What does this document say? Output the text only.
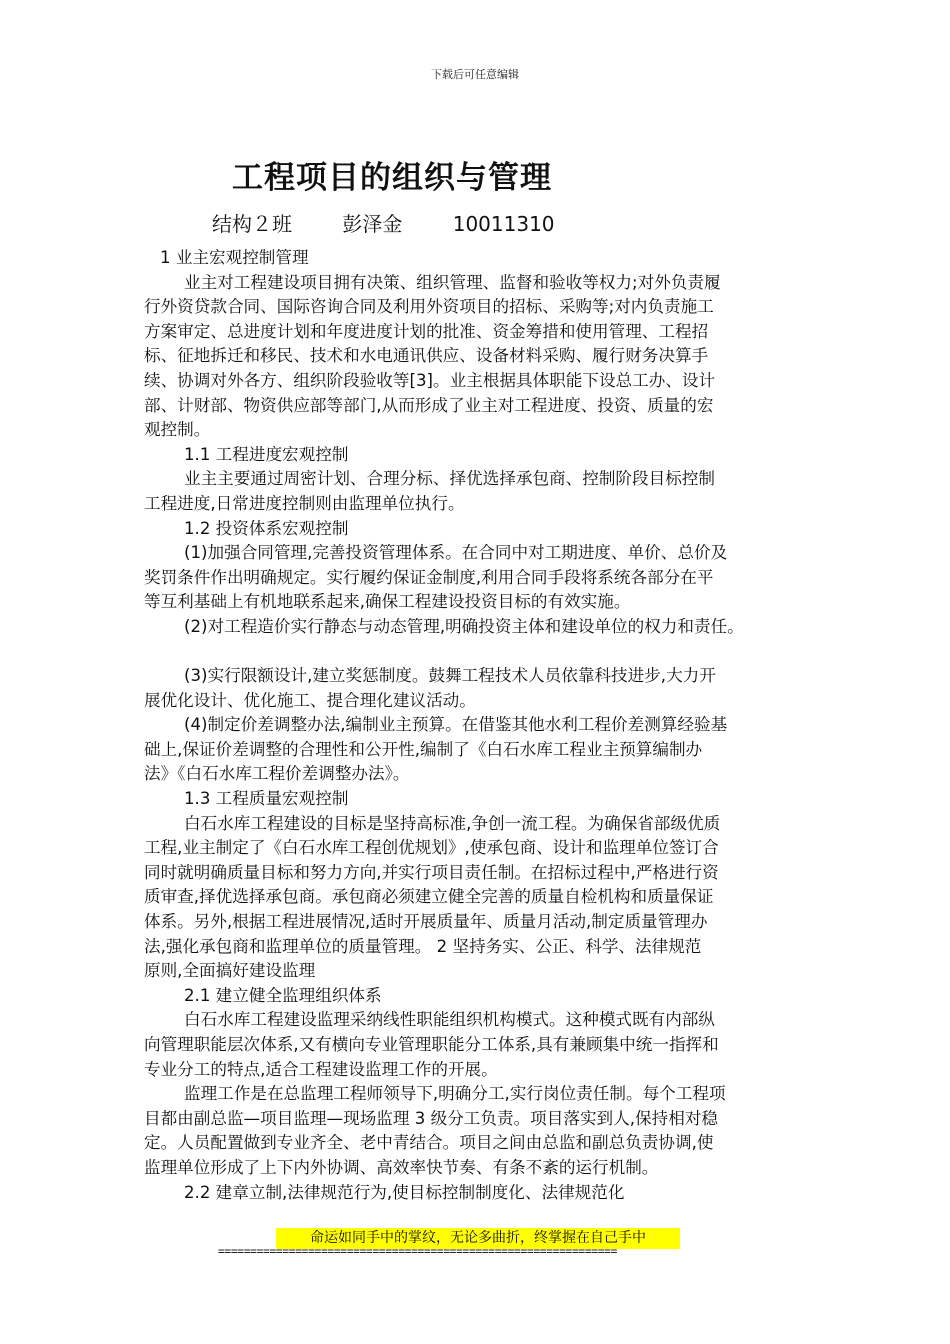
下载后可任意编辑
工程项目的组织与管理
结构２班	彭泽金	10011310

1 业主宏观控制管理

业主对工程建设项目拥有决策、组织管理、监督和验收等权力;对外负责履

行外资贷款合同、国际咨询合同及利用外资项目的招标、采购等;对内负责施工

方案审定、总进度计划和年度进度计划的批准、资金筹措和使用管理、工程招

标、征地拆迁和移民、技术和水电通讯供应、设备材料采购、履行财务决算手

续、协调对外各方、组织阶段验收等[3]。业主根据具体职能下设总工办、设计

部、计财部、物资供应部等部门,从而形成了业主对工程进度、投资、质量的宏

观控制。

1.1 工程进度宏观控制

业主主要通过周密计划、合理分标、择优选择承包商、控制阶段目标控制

工程进度,日常进度控制则由监理单位执行。

1.2 投资体系宏观控制

(1)加强合同管理,完善投资管理体系。在合同中对工期进度、单价、总价及

奖罚条件作出明确规定。实行履约保证金制度,利用合同手段将系统各部分在平

等互利基础上有机地联系起来,确保工程建设投资目标的有效实施。

(2)对工程造价实行静态与动态管理,明确投资主体和建设单位的权力和责任。

(3)实行限额设计,建立奖惩制度。鼓舞工程技术人员依靠科技进步,大力开

展优化设计、优化施工、提合理化建议活动。

(4)制定价差调整办法,编制业主预算。在借鉴其他水利工程价差测算经验基

础上,保证价差调整的合理性和公开性,编制了《白石水库工程业主预算编制办

法》《白石水库工程价差调整办法》。

1.3 工程质量宏观控制

白石水库工程建设的目标是坚持高标准,争创一流工程。为确保省部级优质

工程,业主制定了《白石水库工程创优规划》,使承包商、设计和监理单位签订合

同时就明确质量目标和努力方向,并实行项目责任制。在招标过程中,严格进行资

质审查,择优选择承包商。承包商必须建立健全完善的质量自检机构和质量保证

体系。另外,根据工程进展情况,适时开展质量年、质量月活动,制定质量管理办

法,强化承包商和监理单位的质量管理。 2 坚持务实、公正、科学、法律规范

原则,全面搞好建设监理

2.1 建立健全监理组织体系

白石水库工程建设监理采纳线性职能组织机构模式。这种模式既有内部纵

向管理职能层次体系,又有横向专业管理职能分工体系,具有兼顾集中统一指挥和

专业分工的特点,适合工程建设监理工作的开展。

监理工作是在总监理工程师领导下,明确分工,实行岗位责任制。每个工程项

目都由副总监—项目监理—现场监理 3 级分工负责。项目落实到人,保持相对稳

定。人员配置做到专业齐全、老中青结合。项目之间由总监和副总负责协调,使

监理单位形成了上下内外协调、高效率快节奏、有条不紊的运行机制。

2.2 建章立制,法律规范行为,使目标控制制度化、法律规范化

命运如同手中的掌纹，无论多曲折，终掌握在自己手中
==============================================================
